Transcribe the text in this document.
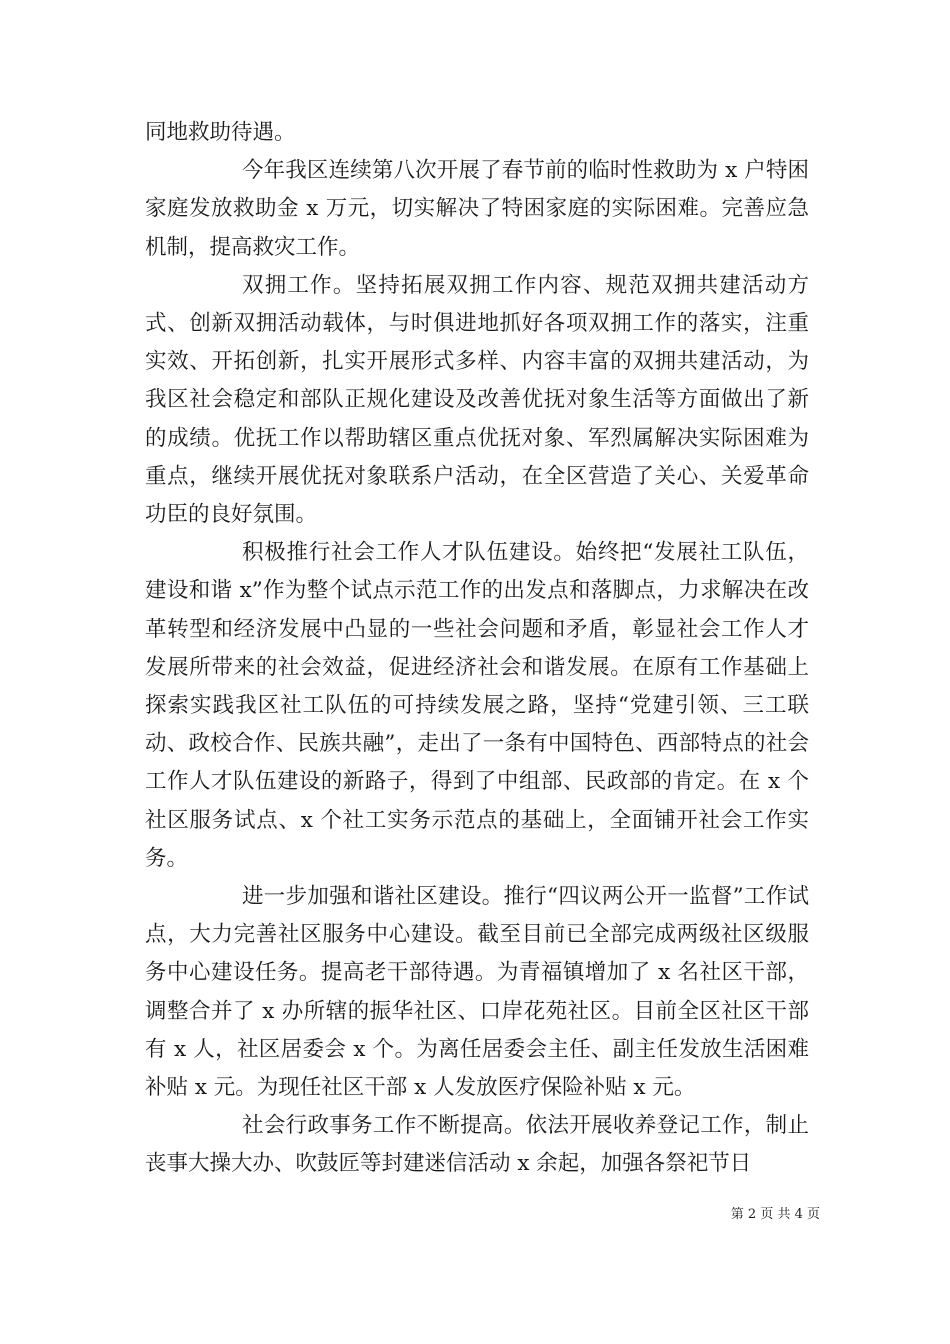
同地救助待遇。

今年我区连续第八次开展了春节前的临时性救助为 x 户特困家庭发放救助金 x 万元，切实解决了特困家庭的实际困难。完善应急机制，提高救灾工作。

双拥工作。坚持拓展双拥工作内容、规范双拥共建活动方式、创新双拥活动载体，与时俱进地抓好各项双拥工作的落实，注重实效、开拓创新，扎实开展形式多样、内容丰富的双拥共建活动，为我区社会稳定和部队正规化建设及改善优抚对象生活等方面做出了新的成绩。优抚工作以帮助辖区重点优抚对象、军烈属解决实际困难为重点，继续开展优抚对象联系户活动，在全区营造了关心、关爱革命功臣的良好氛围。

积极推行社会工作人才队伍建设。始终把“发展社工队伍，建设和谐 x”作为整个试点示范工作的出发点和落脚点，力求解决在改革转型和经济发展中凸显的一些社会问题和矛盾，彰显社会工作人才发展所带来的社会效益，促进经济社会和谐发展。在原有工作基础上探索实践我区社工队伍的可持续发展之路，坚持“党建引领、三工联动、政校合作、民族共融”，走出了一条有中国特色、西部特点的社会工作人才队伍建设的新路子，得到了中组部、民政部的肯定。在 x 个社区服务试点、x 个社工实务示范点的基础上，全面铺开社会工作实务。

进一步加强和谐社区建设。推行“四议两公开一监督”工作试点，大力完善社区服务中心建设。截至目前已全部完成两级社区级服务中心建设任务。提高老干部待遇。为青福镇增加了 x 名社区干部，调整合并了 x 办所辖的振华社区、口岸花苑社区。目前全区社区干部有 x 人，社区居委会 x 个。为离任居委会主任、副主任发放生活困难补贴 x 元。为现任社区干部 x 人发放医疗保险补贴 x 元。

社会行政事务工作不断提高。依法开展收养登记工作，制止丧事大操大办、吹鼓匠等封建迷信活动 x 余起，加强各祭祀节日

第 2 页 共 4 页
